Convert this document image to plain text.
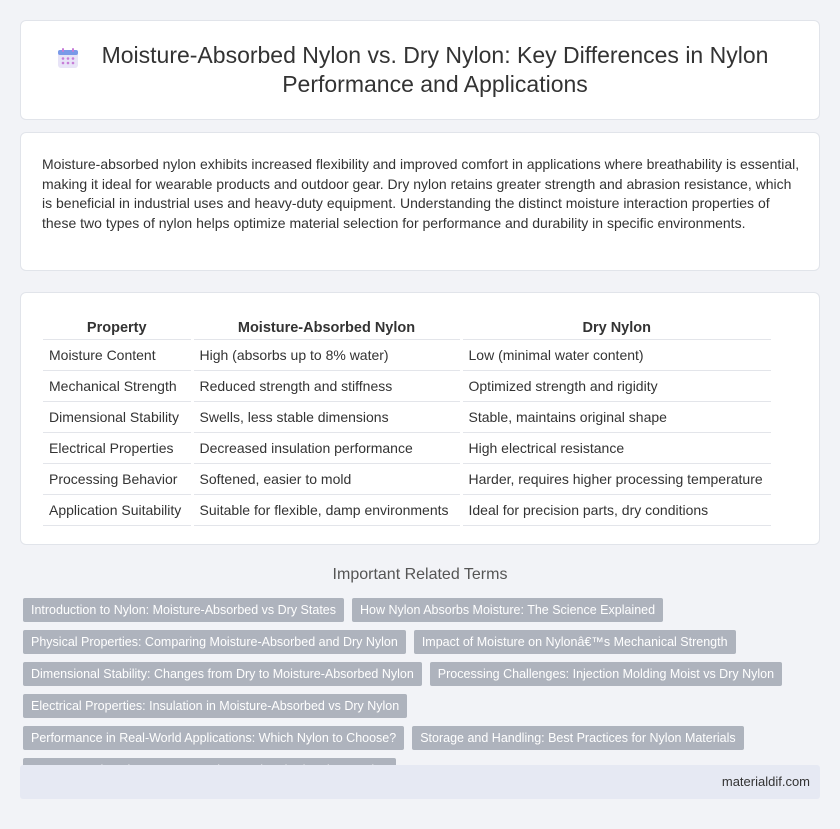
Moisture-Absorbed Nylon vs. Dry Nylon: Key Differences in Nylon Performance and Applications

Moisture-absorbed nylon exhibits increased flexibility and improved comfort in applications where breathability is essential, making it ideal for wearable products and outdoor gear. Dry nylon retains greater strength and abrasion resistance, which is beneficial in industrial uses and heavy-duty equipment. Understanding the distinct moisture interaction properties of these two types of nylon helps optimize material selection for performance and durability in specific environments.

Property	Moisture-Absorbed Nylon	Dry Nylon
Moisture Content	High (absorbs up to 8% water)	Low (minimal water content)
Mechanical Strength	Reduced strength and stiffness	Optimized strength and rigidity
Dimensional Stability	Swells, less stable dimensions	Stable, maintains original shape
Electrical Properties	Decreased insulation performance	High electrical resistance
Processing Behavior	Softened, easier to mold	Harder, requires higher processing temperature
Application Suitability	Suitable for flexible, damp environments	Ideal for precision parts, dry conditions
Important Related Terms
Introduction to Nylon: Moisture-Absorbed vs Dry States	How Nylon Absorbs Moisture: The Science Explained
Physical Properties: Comparing Moisture-Absorbed and Dry Nylon	Impact of Moisture on Nylonâ€™s Mechanical Strength
Dimensional Stability: Changes from Dry to Moisture-Absorbed Nylon	Processing Challenges: Injection Molding Moist vs Dry Nylon
Electrical Properties: Insulation in Moisture-Absorbed vs Dry Nylon
Performance in Real-World Applications: Which Nylon to Choose?	Storage and Handling: Best Practices for Nylon Materials
materialdif.com
